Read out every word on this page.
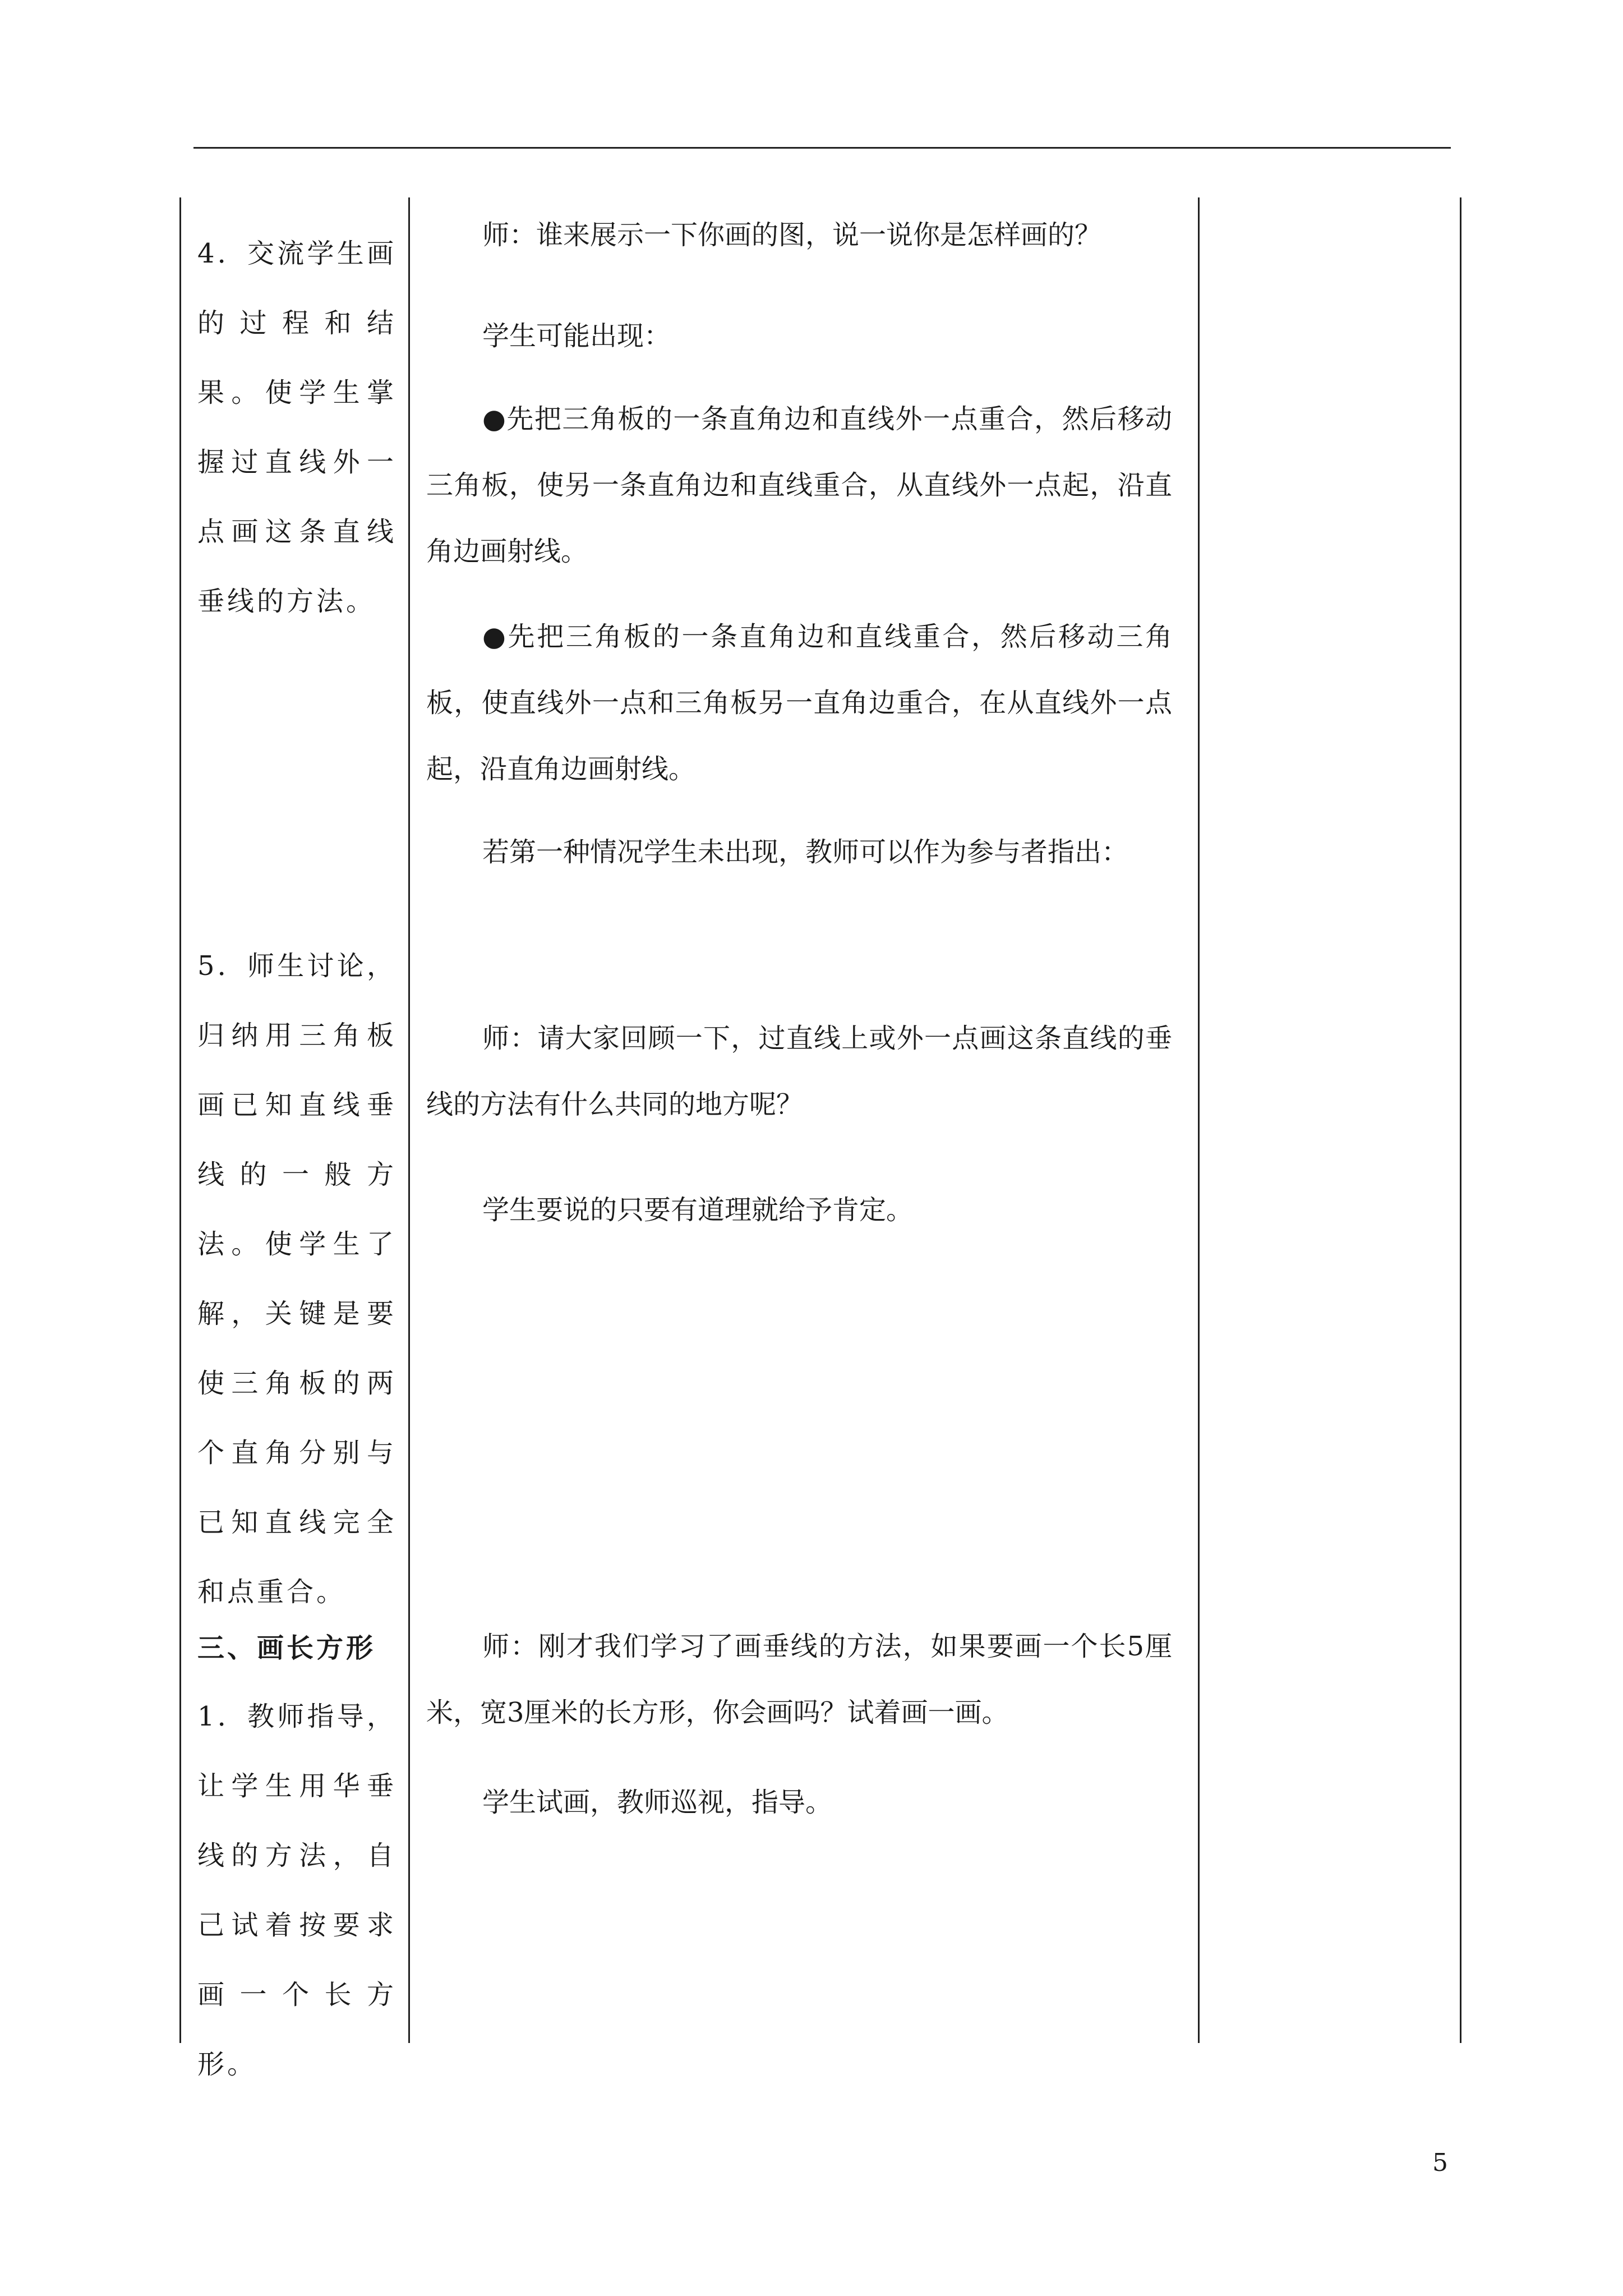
4．交流学生画的过程和结果。使学生掌握过直线外一点画这条直线垂线的方法。
5．师生讨论，归纳用三角板画已知直线垂线的一般方法。使学生了解，关键是要使三角板的两个直角分别与已知直线完全和点重合。
三、画长方形
1．教师指导，让学生用华垂线的方法，自己试着按要求画一个长方形。

师：谁来展示一下你画的图，说一说你是怎样画的？

学生可能出现：

●先把三角板的一条直角边和直线外一点重合，然后移动三角板，使另一条直角边和直线重合，从直线外一点起，沿直角边画射线。

●先把三角板的一条直角边和直线重合，然后移动三角板，使直线外一点和三角板另一直角边重合，在从直线外一点起，沿直角边画射线。

若第一种情况学生未出现，教师可以作为参与者指出：

师：请大家回顾一下，过直线上或外一点画这条直线的垂线的方法有什么共同的地方呢？

学生要说的只要有道理就给予肯定。

师：刚才我们学习了画垂线的方法，如果要画一个长5厘米，宽3厘米的长方形，你会画吗？试着画一画。

学生试画，教师巡视，指导。

5
